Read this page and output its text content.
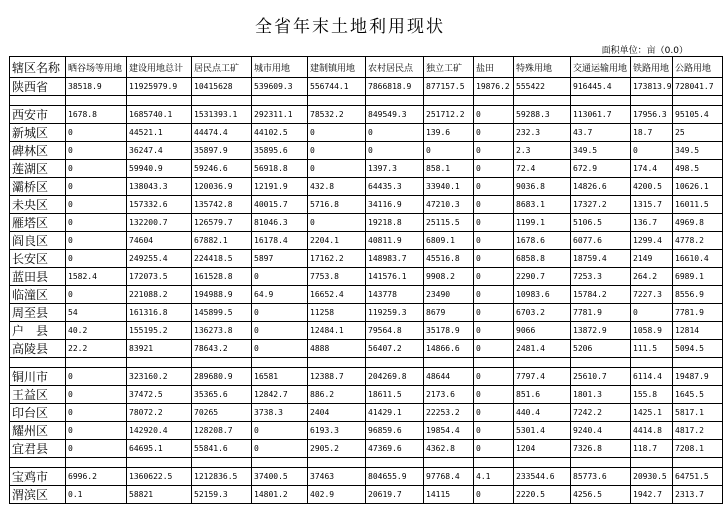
全省年末土地利用现状
面积单位：亩（0.0）
辖区名称	晒谷场等用地	建设用地总计	居民点工矿	城市用地	建制镇用地	农村居民点	独立工矿	盐田	特殊用地	交通运输用地	铁路用地	公路用地
陕西省	38518.9	11925979.9	10415628	539609.3	556744.1	7866818.9	877157.5	19876.2	555422	916445.4	173813.9	728041.7

西安市	1678.8	1685740.1	1531393.1	292311.1	78532.2	849549.3	251712.2	0	59288.3	113061.7	17956.3	95105.4
新城区	0	44521.1	44474.4	44102.5	0	0	139.6	0	232.3	43.7	18.7	25
碑林区	0	36247.4	35897.9	35895.6	0	0	0	0	2.3	349.5	0	349.5
莲湖区	0	59940.9	59246.6	56918.8	0	1397.3	858.1	0	72.4	672.9	174.4	498.5
灞桥区	0	138043.3	120036.9	12191.9	432.8	64435.3	33940.1	0	9036.8	14826.6	4200.5	10626.1
未央区	0	157332.6	135742.8	40015.7	5716.8	34116.9	47210.3	0	8683.1	17327.2	1315.7	16011.5
雁塔区	0	132200.7	126579.7	81046.3	0	19218.8	25115.5	0	1199.1	5106.5	136.7	4969.8
阎良区	0	74604	67882.1	16178.4	2204.1	40811.9	6809.1	0	1678.6	6077.6	1299.4	4778.2
长安区	0	249255.4	224418.5	5897	17162.2	148983.7	45516.8	0	6858.8	18759.4	2149	16610.4
蓝田县	1582.4	172073.5	161528.8	0	7753.8	141576.1	9908.2	0	2290.7	7253.3	264.2	6989.1
临潼区	0	221088.2	194988.9	64.9	16652.4	143778	23490	0	10983.6	15784.2	7227.3	8556.9
周至县	54	161316.8	145899.5	0	11258	119259.3	8679	0	6703.2	7781.9	0	7781.9
户　县	40.2	155195.2	136273.8	0	12484.1	79564.8	35178.9	0	9066	13872.9	1058.9	12814
高陵县	22.2	83921	78643.2	0	4888	56407.2	14866.6	0	2481.4	5206	111.5	5094.5

铜川市	0	323160.2	289680.9	16581	12388.7	204269.8	48644	0	7797.4	25610.7	6114.4	19487.9
王益区	0	37472.5	35365.6	12842.7	886.2	18611.5	2173.6	0	851.6	1801.3	155.8	1645.5
印台区	0	78072.2	70265	3738.3	2404	41429.1	22253.2	0	440.4	7242.2	1425.1	5817.1
耀州区	0	142920.4	128208.7	0	6193.3	96859.6	19854.4	0	5301.4	9240.4	4414.8	4817.2
宜君县	0	64695.1	55841.6	0	2905.2	47369.6	4362.8	0	1204	7326.8	118.7	7208.1

宝鸡市	6996.2	1360622.5	1212836.5	37400.5	37463	804655.9	97768.4	4.1	233544.6	85773.6	20930.5	64751.5
渭滨区	0.1	58821	52159.3	14801.2	402.9	20619.7	14115	0	2220.5	4256.5	1942.7	2313.7
